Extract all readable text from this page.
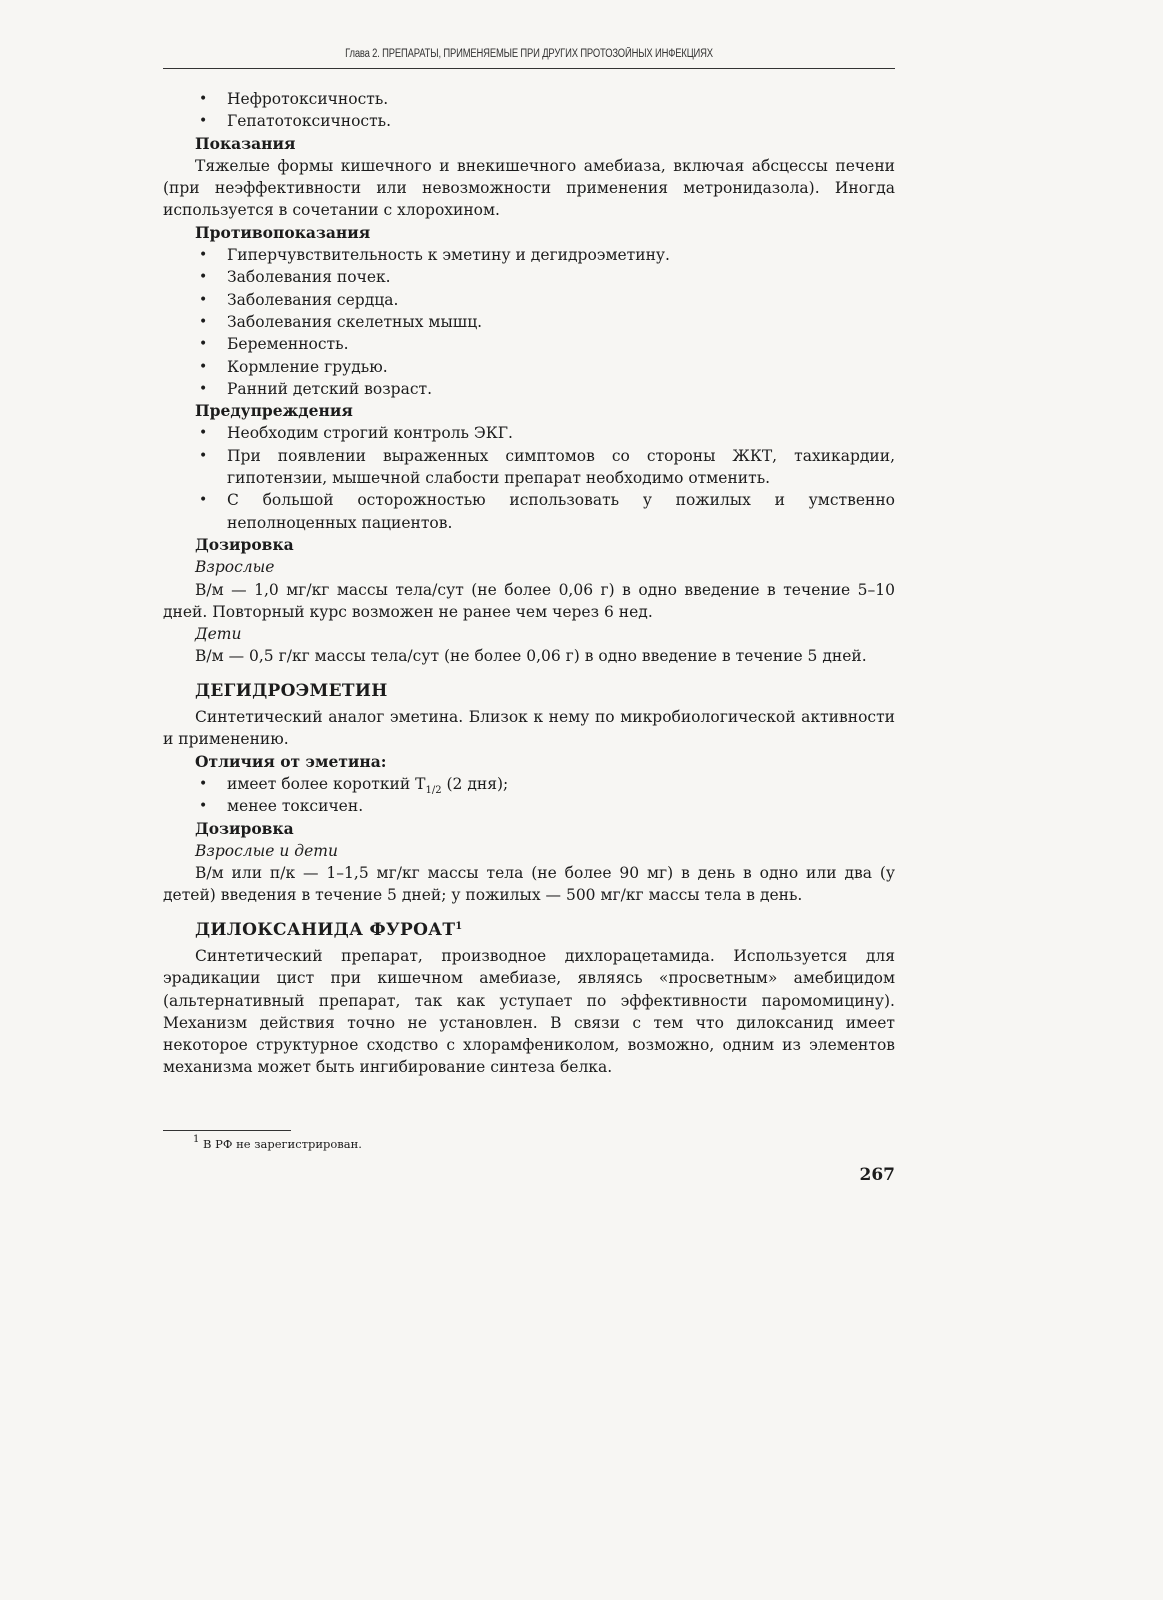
Глава 2. ПРЕПАРАТЫ, ПРИМЕНЯЕМЫЕ ПРИ ДРУГИХ ПРОТОЗОЙНЫХ ИНФЕКЦИЯХ
• Нефротоксичность.
• Гепатотоксичность.

Показания

Тяжелые формы кишечного и внекишечного амебиаза, включая абсцессы печени (при неэффективности или невозможности применения метронидазола). Иногда используется в сочетании с хлорохином.

Противопоказания

• Гиперчувствительность к эметину и дегидроэметину.
• Заболевания почек.
• Заболевания сердца.
• Заболевания скелетных мышц.
• Беременность.
• Кормление грудью.
• Ранний детский возраст.

Предупреждения

• Необходим строгий контроль ЭКГ.
• При появлении выраженных симптомов со стороны ЖКТ, тахикардии, гипотензии, мышечной слабости препарат необходимо отменить.
• С большой осторожностью использовать у пожилых и умственно неполноценных пациентов.

Дозировка

Взрослые

В/м — 1,0 мг/кг массы тела/сут (не более 0,06 г) в одно введение в течение 5–10 дней. Повторный курс возможен не ранее чем через 6 нед.

Дети

В/м — 0,5 г/кг массы тела/сут (не более 0,06 г) в одно введение в течение 5 дней.

ДЕГИДРОЭМЕТИН

Синтетический аналог эметина. Близок к нему по микробиологической активности и применению.

Отличия от эметина:

• имеет более короткий $T_{1/2}$ (2 дня);
• менее токсичен.

Дозировка

Взрослые и дети

В/м или п/к — 1–1,5 мг/кг массы тела (не более 90 мг) в день в одно или два (у детей) введения в течение 5 дней; у пожилых — 500 мг/кг массы тела в день.

ДИЛОКСАНИДА ФУРОАТ$^1$

Синтетический препарат, производное дихлорацетамида. Используется для эрадикации цист при кишечном амебиазе, являясь «просветным» амебицидом (альтернативный препарат, так как уступает по эффективности паромомицину). Механизм действия точно не установлен. В связи с тем что дилоксанид имеет некоторое структурное сходство с хлорамфениколом, возможно, одним из элементов механизма может быть ингибирование синтеза белка.

$^1$ В РФ не зарегистрирован.
267
